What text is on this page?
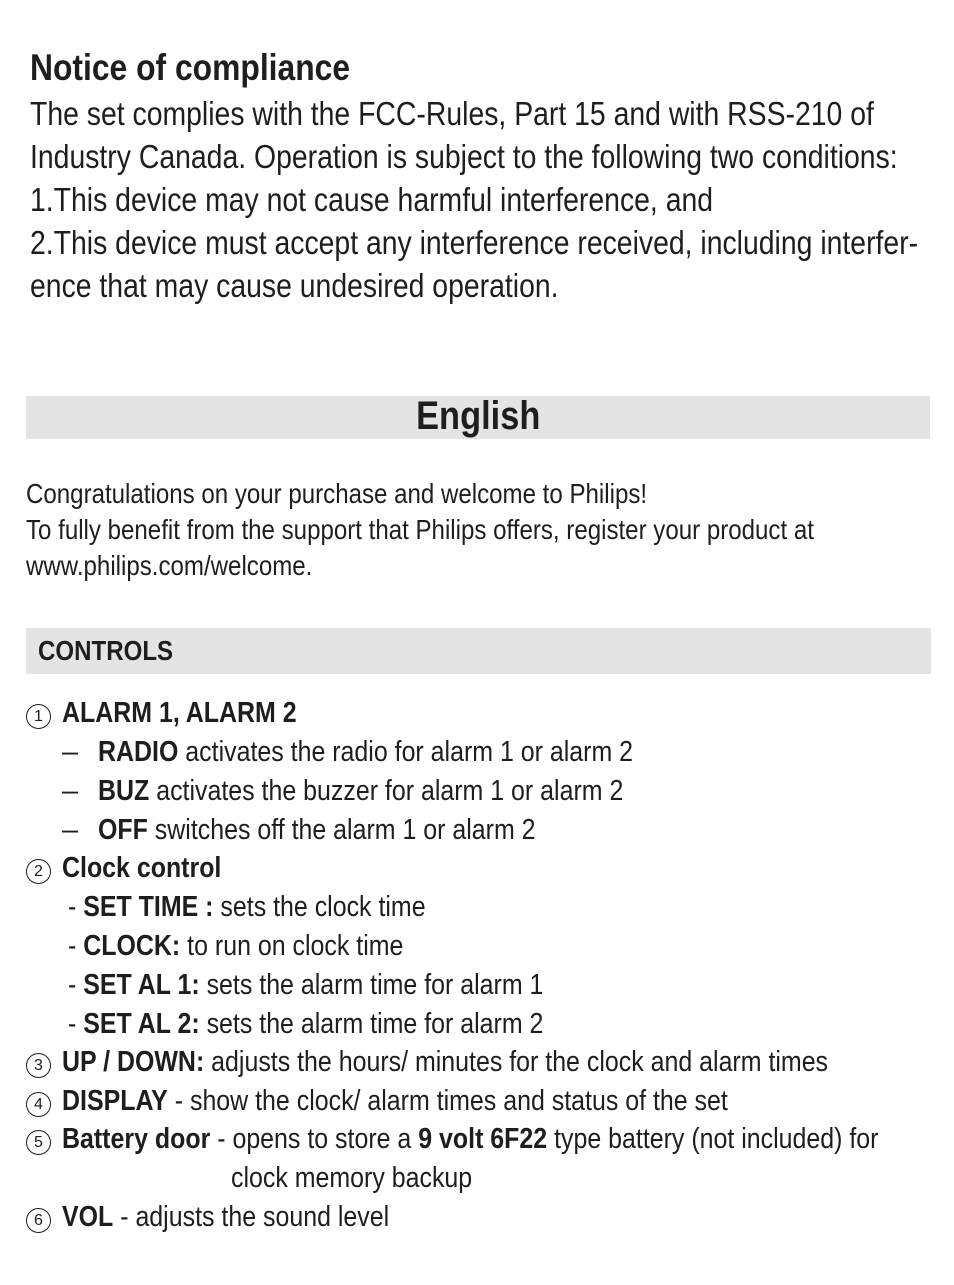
Notice of compliance
The set complies with the FCC-Rules, Part 15 and with RSS-210 of
Industry Canada. Operation is subject to the following two conditions:
1.This device may not cause harmful interference, and
2.This device must accept any interference received, including interfer-
ence that may cause undesired operation.
English
Congratulations on your purchase and welcome to Philips!
To fully benefit from the support that Philips offers, register your product at
www.philips.com/welcome.
CONTROLS
1 ALARM 1, ALARM 2
– RADIO activates the radio for alarm 1 or alarm 2
– BUZ activates the buzzer for alarm 1 or alarm 2
– OFF switches off the alarm 1 or alarm 2
2 Clock control
- SET TIME : sets the clock time
- CLOCK: to run on clock time
- SET AL 1: sets the alarm time for alarm 1
- SET AL 2: sets the alarm time for alarm 2
3 UP / DOWN: adjusts the hours/ minutes for the clock and alarm times
4 DISPLAY - show the clock/ alarm times and status of the set
5 Battery door - opens to store a 9 volt 6F22 type battery (not included) for
clock memory backup
6 VOL - adjusts the sound level
